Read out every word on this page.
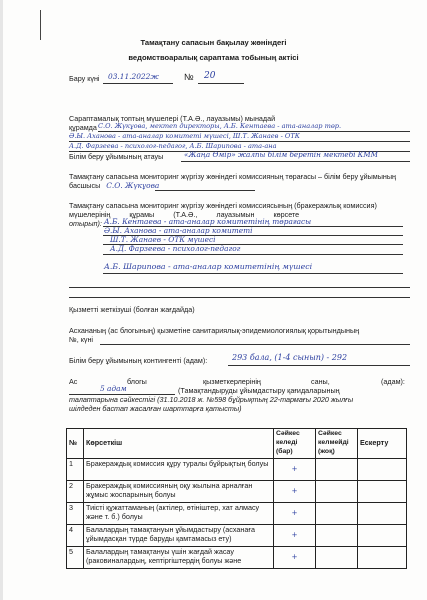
Тамақтану сапасын бақылау жөніндегі
ведомствоаралық сараптама тобының актісі
Бару күні 03.11.2022ж	№ 20
Сараптамалық топтың мүшелері (Т.А.Ә., лауазымы) мынадай
құрамда С.О. Жүкұова, мектеп директоры, А.Б. Кентаева - ата-аналар төр.
Ә.Ы. Аханова - ата-аналар комитеті мүшесі, Ш.Т. Жанаев - ОТК
А.Д. Фарзеева - психолог-педагог, А.Б. Шарипова - ата-ана
Білім беру ұйымының атауы	«Жаңа Өмір» жалпы білім беретін мектебі КММ
Тамақтану сапасына мониторинг жүргізу жөніндегі комиссияның төрағасы – білім беру ұйымының басшысы С.О. Жүкұова
Тамақтану сапасына мониторинг жүргізу жөніндегі комиссиясының (бракеражлық комиссия)
мүшелерінің құрамы (Т.А.Ә., лауазымын көрсете
отырып): А.Б. Кентаева - ата-аналар комитетінің төрағасы
Ә.Ы. Аханова - ата-аналар комитеті
Ш.Т. Жанаев - ОТК мүшесі
А.Д. Фарзеева - психолог-педагог
А.Б. Шарипова - ата-аналар комитетінің мүшесі
Қызметті жеткізуші (болған жағдайда)
Асхананың (ас блогының) қызметіне санитариялық-эпидемиологиялық қорытындының
№, күні
Білім беру ұйымының контингенті (адам):	293 бала, (1-4 сынып) - 292
Ас	блогы	қызметкерлерінің	саны,	(адам):
5 адам	(Тамақтандыруды ұйымдастыру қағидаларының
талаптарына сәйкестігі (31.10.2018 ж. №598 бұйрықтың 22-тармағы 2020 жылғы
шілдеден бастап жасалған шарттарға қатысты)
№	Көрсеткіш	Сәйкес келеді (бар)	Сәйкес келмейді (жоқ)	Ескерту
1	Бракераждық комиссия құру туралы бұйрықтың болуы	+		
2	Бракераждық комиссияның оқу жылына арналған жұмыс жоспарының болуы	+		
3	Тиісті құжаттаманың (актілер, өтініштер, хат алмасу және т. б.) болуы	+		
4	Балалардың тамақтануын ұйымдастыру (асханаға ұйымдасқан түрде баруды қамтамасыз ету)	+		
5	Балалардың тамақтануы үшін жағдай жасау (раковиналардың, кептіргіштердің болуы және	+		
